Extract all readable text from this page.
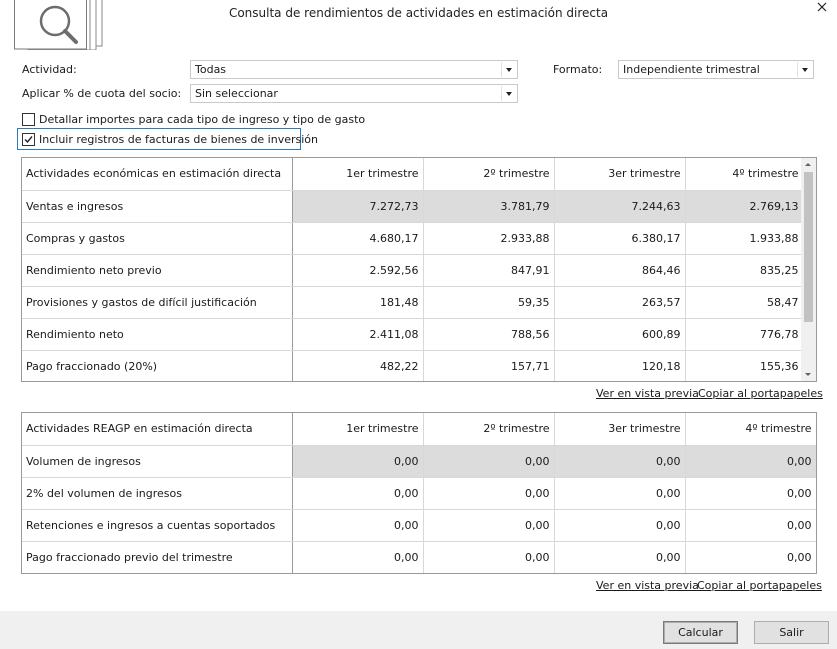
Consulta de rendimientos de actividades en estimación directa
Actividad:	Todas	Formato:	Independiente trimestral
Aplicar % de cuota del socio:	Sin seleccionar
Detallar importes para cada tipo de ingreso y tipo de gasto
Incluir registros de facturas de bienes de inversión
Actividades económicas en estimación directa	1er trimestre	2º trimestre	3er trimestre	4º trimestre
Ventas e ingresos	7.272,73	3.781,79	7.244,63	2.769,13
Compras y gastos	4.680,17	2.933,88	6.380,17	1.933,88
Rendimiento neto previo	2.592,56	847,91	864,46	835,25
Provisiones y gastos de difícil justificación	181,48	59,35	263,57	58,47
Rendimiento neto	2.411,08	788,56	600,89	776,78
Pago fraccionado (20%)	482,22	157,71	120,18	155,36
Ver en vista previa Copiar al portapapeles
Actividades REAGP en estimación directa	1er trimestre	2º trimestre	3er trimestre	4º trimestre
Volumen de ingresos	0,00	0,00	0,00	0,00
2% del volumen de ingresos	0,00	0,00	0,00	0,00
Retenciones e ingresos a cuentas soportados	0,00	0,00	0,00	0,00
Pago fraccionado previo del trimestre	0,00	0,00	0,00	0,00
Ver en vista previa
Copiar al portapapeles
Calcular	Salir
